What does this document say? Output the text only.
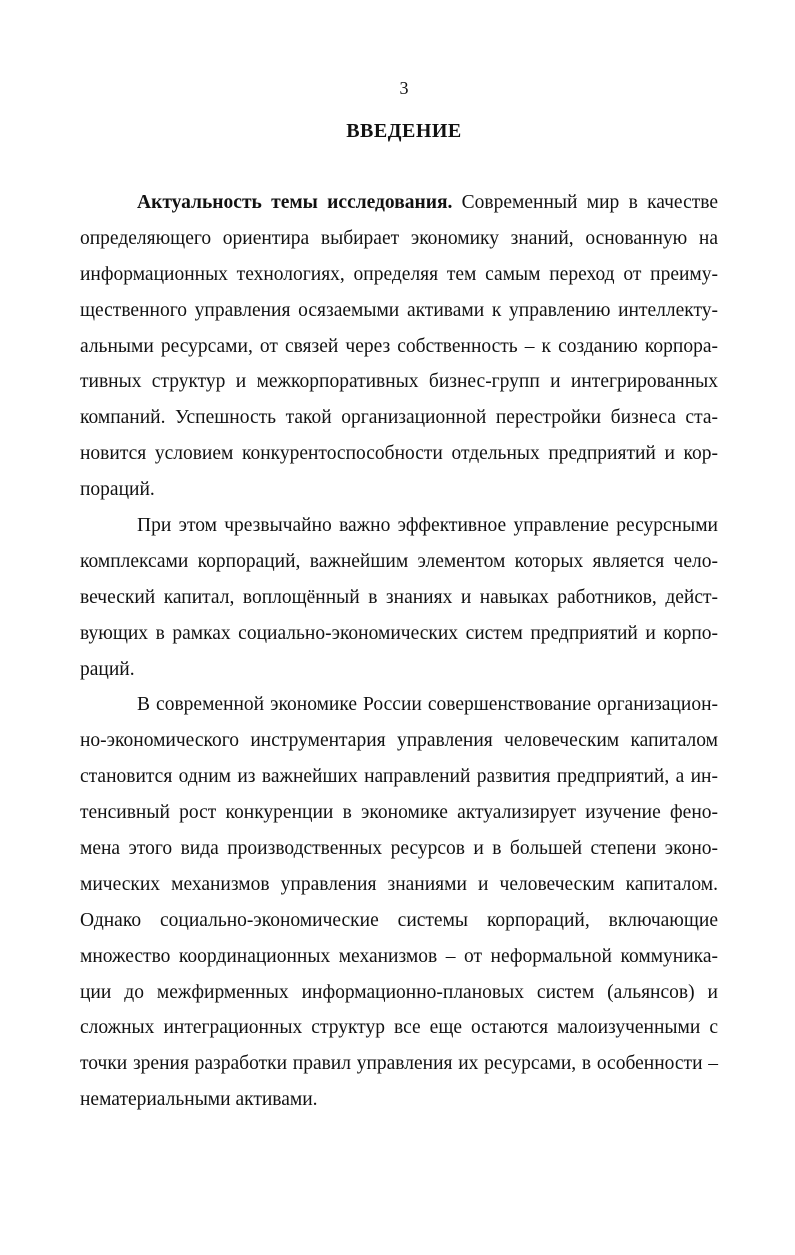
3
ВВЕДЕНИЕ
Актуальность темы исследования. Современный мир в качестве
определяющего ориентира выбирает экономику знаний, основанную на
информационных технологиях, определяя тем самым переход от преиму-
щественного управления осязаемыми активами к управлению интеллекту-
альными ресурсами, от связей через собственность – к созданию корпора-
тивных структур и межкорпоративных бизнес-групп и интегрированных
компаний. Успешность такой организационной перестройки бизнеса ста-
новится условием конкурентоспособности отдельных предприятий и кор-
пораций.
При этом чрезвычайно важно эффективное управление ресурсными
комплексами корпораций, важнейшим элементом которых является чело-
веческий капитал, воплощённый в знаниях и навыках работников, дейст-
вующих в рамках социально-экономических систем предприятий и корпо-
раций.
В современной экономике России совершенствование организацион-
но-экономического инструментария управления человеческим капиталом
становится одним из важнейших направлений развития предприятий, а ин-
тенсивный рост конкуренции в экономике актуализирует изучение фено-
мена этого вида производственных ресурсов и в большей степени эконо-
мических механизмов управления знаниями и человеческим капиталом.
Однако социально-экономические системы корпораций, включающие
множество координационных механизмов – от неформальной коммуника-
ции до межфирменных информационно-плановых систем (альянсов) и
сложных интеграционных структур все еще остаются малоизученными с
точки зрения разработки правил управления их ресурсами, в особенности –
нематериальными активами.
